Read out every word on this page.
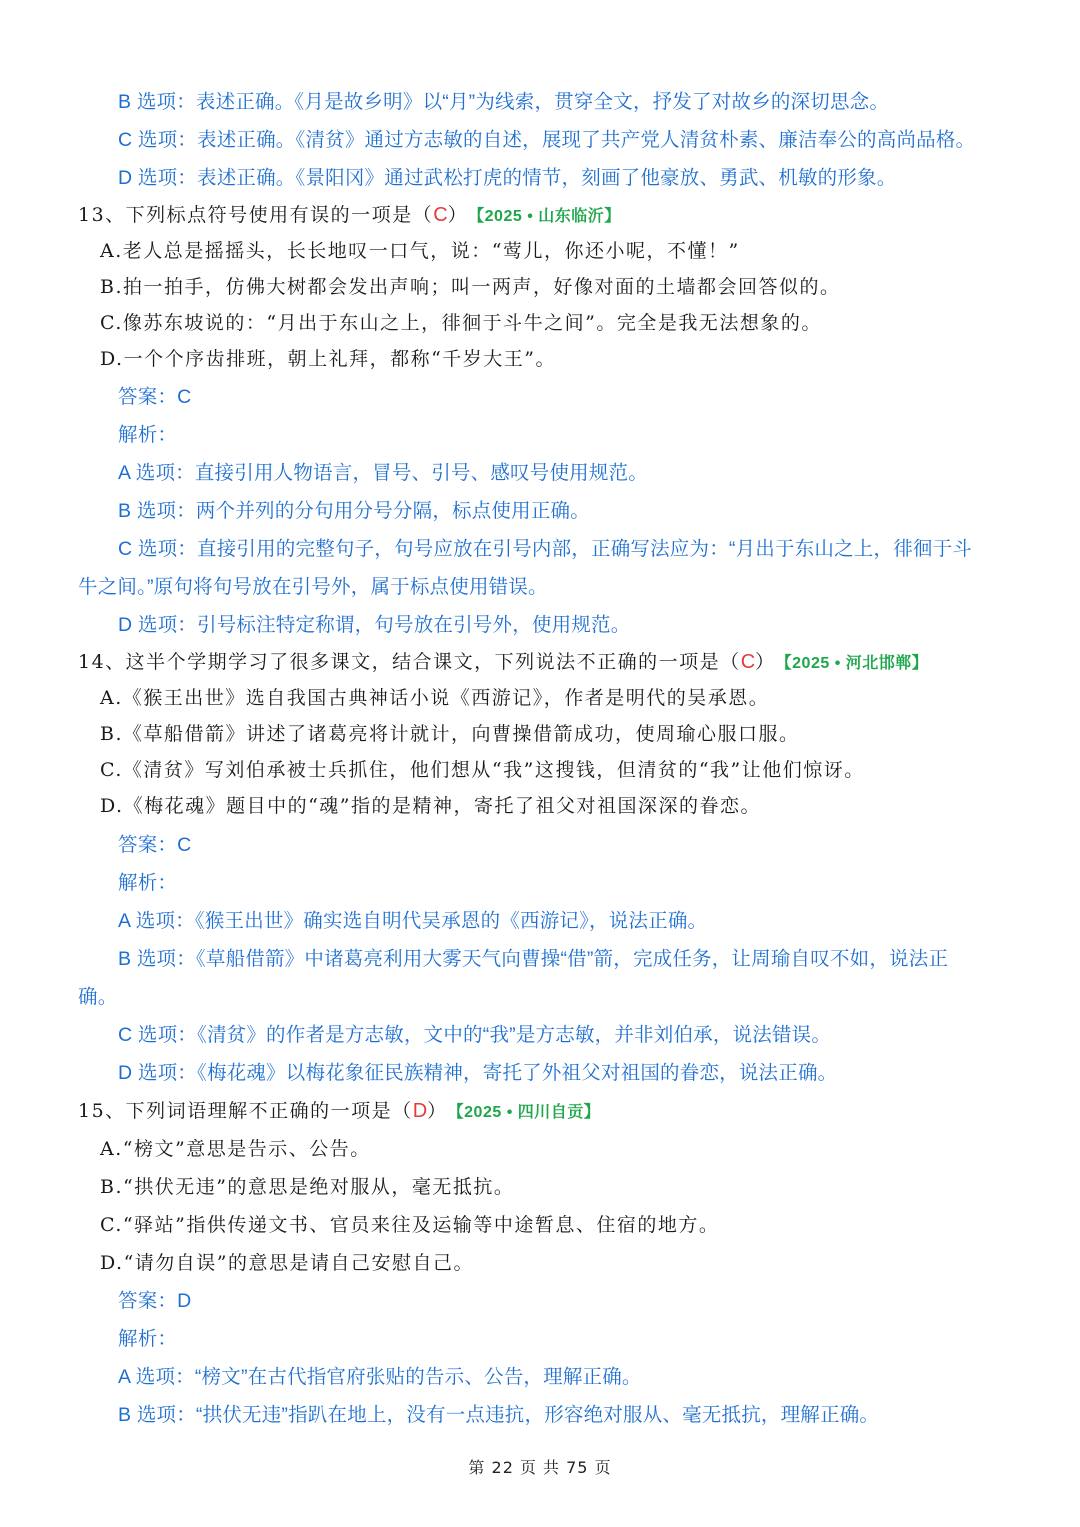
B 选项：表述正确。《月是故乡明》以“月”为线索，贯穿全文，抒发了对故乡的深切思念。
C 选项：表述正确。《清贫》通过方志敏的自述，展现了共产党人清贫朴素、廉洁奉公的高尚品格。
D 选项：表述正确。《景阳冈》通过武松打虎的情节，刻画了他豪放、勇武、机敏的形象。
13、下列标点符号使用有误的一项是（C） 【2025 • 山东临沂】
A.老人总是摇摇头，长长地叹一口气，说：“莺儿，你还小呢，不懂！”
B.拍一拍手，仿佛大树都会发出声响；叫一两声，好像对面的土墙都会回答似的。
C.像苏东坡说的：“月出于东山之上，徘徊于斗牛之间”。完全是我无法想象的。
D.一个个序齿排班，朝上礼拜，都称“千岁大王”。
答案：C
解析：
A 选项：直接引用人物语言，冒号、引号、感叹号使用规范。
B 选项：两个并列的分句用分号分隔，标点使用正确。
C 选项：直接引用的完整句子，句号应放在引号内部，正确写法应为：“月出于东山之上，徘徊于斗
牛之间。”原句将句号放在引号外，属于标点使用错误。
D 选项：引号标注特定称谓，句号放在引号外，使用规范。
14、这半个学期学习了很多课文，结合课文，下列说法不正确的一项是（C） 【2025 • 河北邯郸】
A.《猴王出世》选自我国古典神话小说《西游记》，作者是明代的吴承恩。
B.《草船借箭》讲述了诸葛亮将计就计，向曹操借箭成功，使周瑜心服口服。
C.《清贫》写刘伯承被士兵抓住，他们想从“我”这搜钱，但清贫的“我”让他们惊讶。
D.《梅花魂》题目中的“魂”指的是精神，寄托了祖父对祖国深深的眷恋。
答案：C
解析：
A 选项：《猴王出世》确实选自明代吴承恩的《西游记》，说法正确。
B 选项：《草船借箭》中诸葛亮利用大雾天气向曹操“借”箭，完成任务，让周瑜自叹不如，说法正
确。
C 选项：《清贫》的作者是方志敏，文中的“我”是方志敏，并非刘伯承，说法错误。
D 选项：《梅花魂》以梅花象征民族精神，寄托了外祖父对祖国的眷恋，说法正确。
15、下列词语理解不正确的一项是（D） 【2025 • 四川自贡】
A.“榜文”意思是告示、公告。
B.“拱伏无违”的意思是绝对服从，毫无抵抗。
C.“驿站”指供传递文书、官员来往及运输等中途暂息、住宿的地方。
D.“请勿自误”的意思是请自己安慰自己。
答案：D
解析：
A 选项：“榜文”在古代指官府张贴的告示、公告，理解正确。
B 选项：“拱伏无违”指趴在地上，没有一点违抗，形容绝对服从、毫无抵抗，理解正确。
第 22 页 共 75 页
